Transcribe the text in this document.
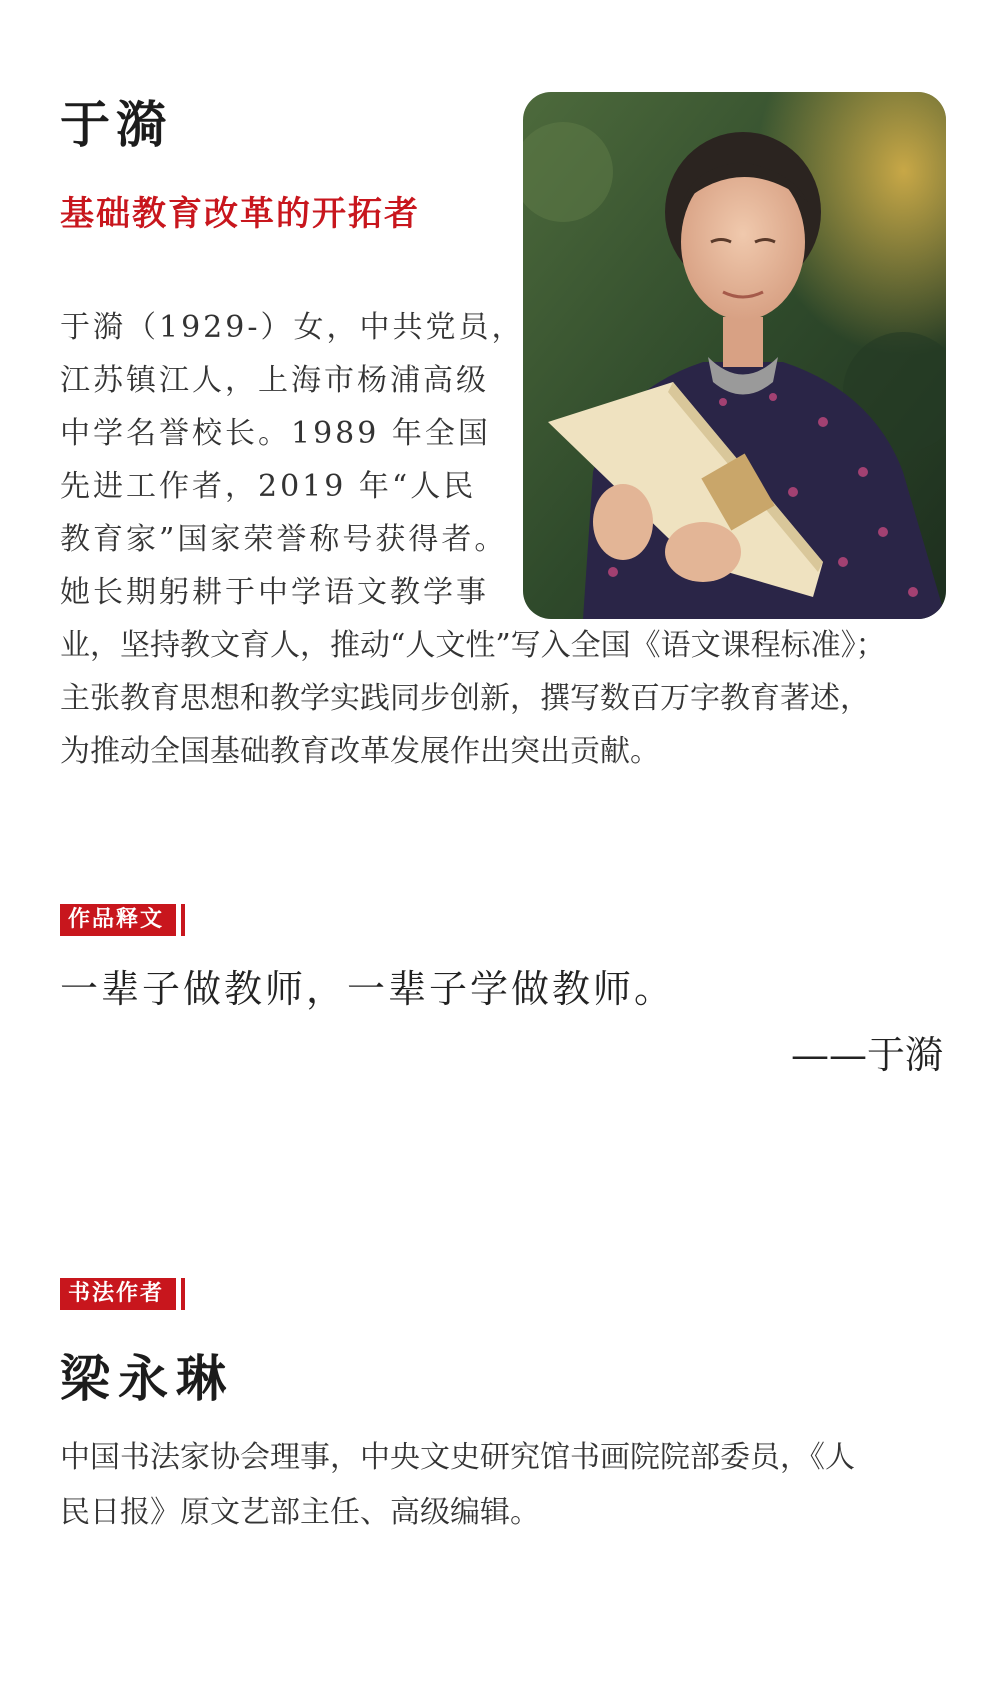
于漪
基础教育改革的开拓者

于漪（1929-）女，中共党员，
江苏镇江人，上海市杨浦高级
中学名誉校长。1989 年全国
先进工作者，2019 年“人民
教育家”国家荣誉称号获得者。
她长期躬耕于中学语文教学事
业，坚持教文育人，推动“人文性”写入全国《语文课程标准》；
主张教育思想和教学实践同步创新，撰写数百万字教育著述，
为推动全国基础教育改革发展作出突出贡献。

作品释文
一辈子做教师，一辈子学做教师。
——于漪
书法作者
梁永琳

中国书法家协会理事，中央文史研究馆书画院院部委员，《人
民日报》原文艺部主任、高级编辑。
